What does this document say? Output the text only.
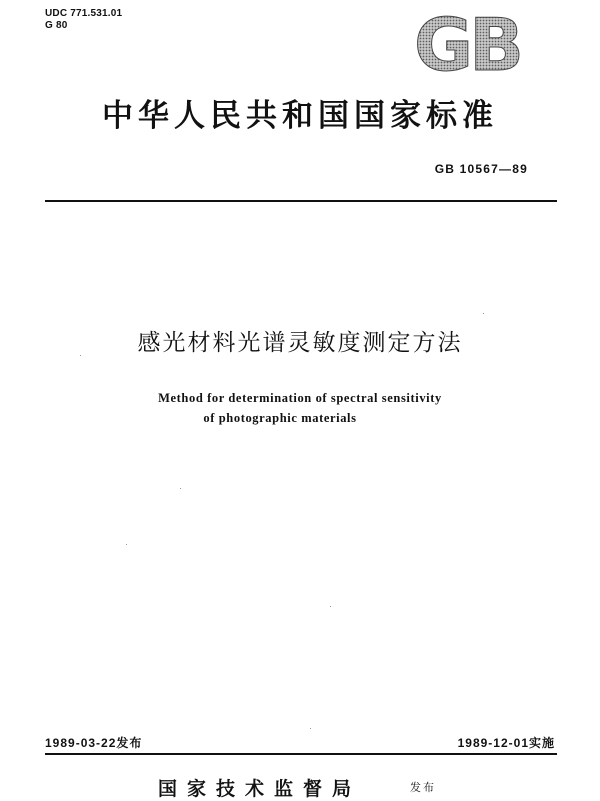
UDC 771.531.01
G 80	GB
中华人民共和国国家标准
GB 10567—89
感光材料光谱灵敏度测定方法
Method for determination of spectral sensitivity
of photographic materials
1989-03-22发布	1989-12-01实施
国家技术监督局	发布
